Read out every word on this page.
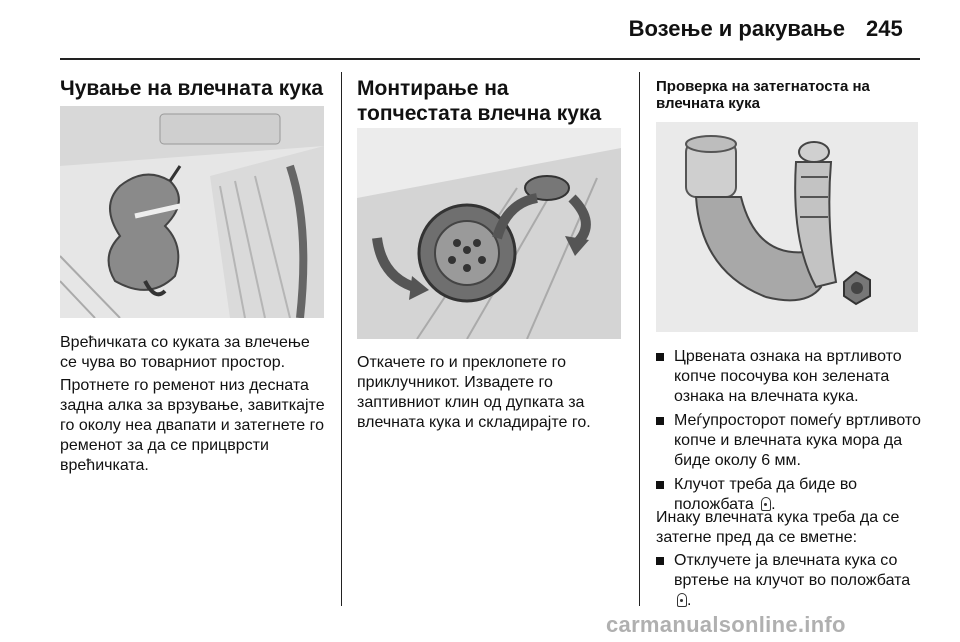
Возење и ракување 245
Чување на влечната кука
Врећичката со куката за влечење се чува во товарниот простор.
Протнете го ременот низ десната задна алка за врзување, завиткајте го околу неа двапати и затегнете го ременот за да се прицврсти врећичката.
Монтирање на топчестата влечна кука
Откачете го и преклопете го приклучникот. Извадете го заптивниот клин од дупката за влечната кука и складирајте го.
Проверка на затегнатоста на влечната кука
Црвената ознака на вртливото копче посочува кон зелената ознака на влечната кука.
Меѓупросторот помеѓу вртливото копче и влечната кука мора да биде околу 6 мм.
Клучот треба да биде во положбата .
Инаку влечната кука треба да се затегне пред да се вметне:
Отклучете ја влечната кука со вртење на клучот во положбата .
carmanualsonline.info
